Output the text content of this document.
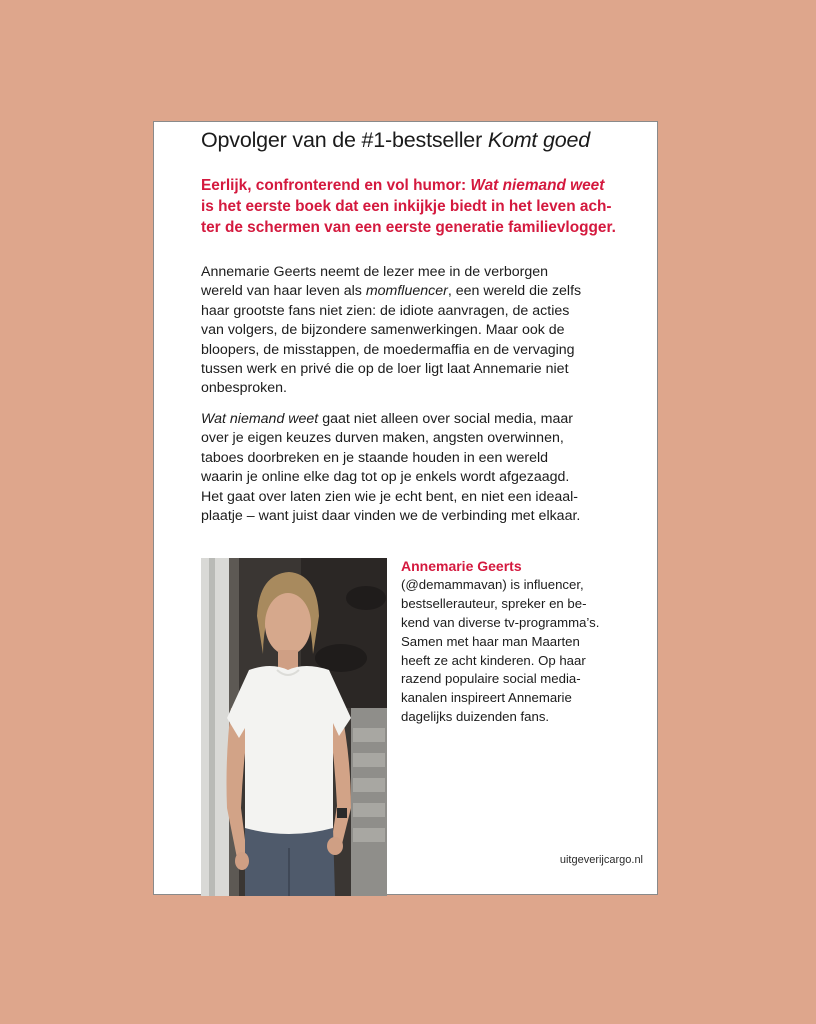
Opvolger van de #1-bestseller Komt goed
Eerlijk, confronterend en vol humor: Wat niemand weet
is het eerste boek dat een inkijkje biedt in het leven ach-
ter de schermen van een eerste generatie familievlogger.
Annemarie Geerts neemt de lezer mee in de verborgen
wereld van haar leven als momfluencer, een wereld die zelfs
haar grootste fans niet zien: de idiote aanvragen, de acties
van volgers, de bijzondere samenwerkingen. Maar ook de
bloopers, de misstappen, de moedermaffia en de vervaging
tussen werk en privé die op de loer ligt laat Annemarie niet
onbesproken.
Wat niemand weet gaat niet alleen over social media, maar
over je eigen keuzes durven maken, angsten overwinnen,
taboes doorbreken en je staande houden in een wereld
waarin je online elke dag tot op je enkels wordt afgezaagd.
Het gaat over laten zien wie je echt bent, en niet een ideaal-
plaatje – want juist daar vinden we de verbinding met elkaar.
Annemarie Geerts
(@demammavan) is influencer,
bestsellerauteur, spreker en be-
kend van diverse tv-programma’s.
Samen met haar man Maarten
heeft ze acht kinderen. Op haar
razend populaire social media-
kanalen inspireert Annemarie
dagelijks duizenden fans.
uitgeverijcargo.nl
